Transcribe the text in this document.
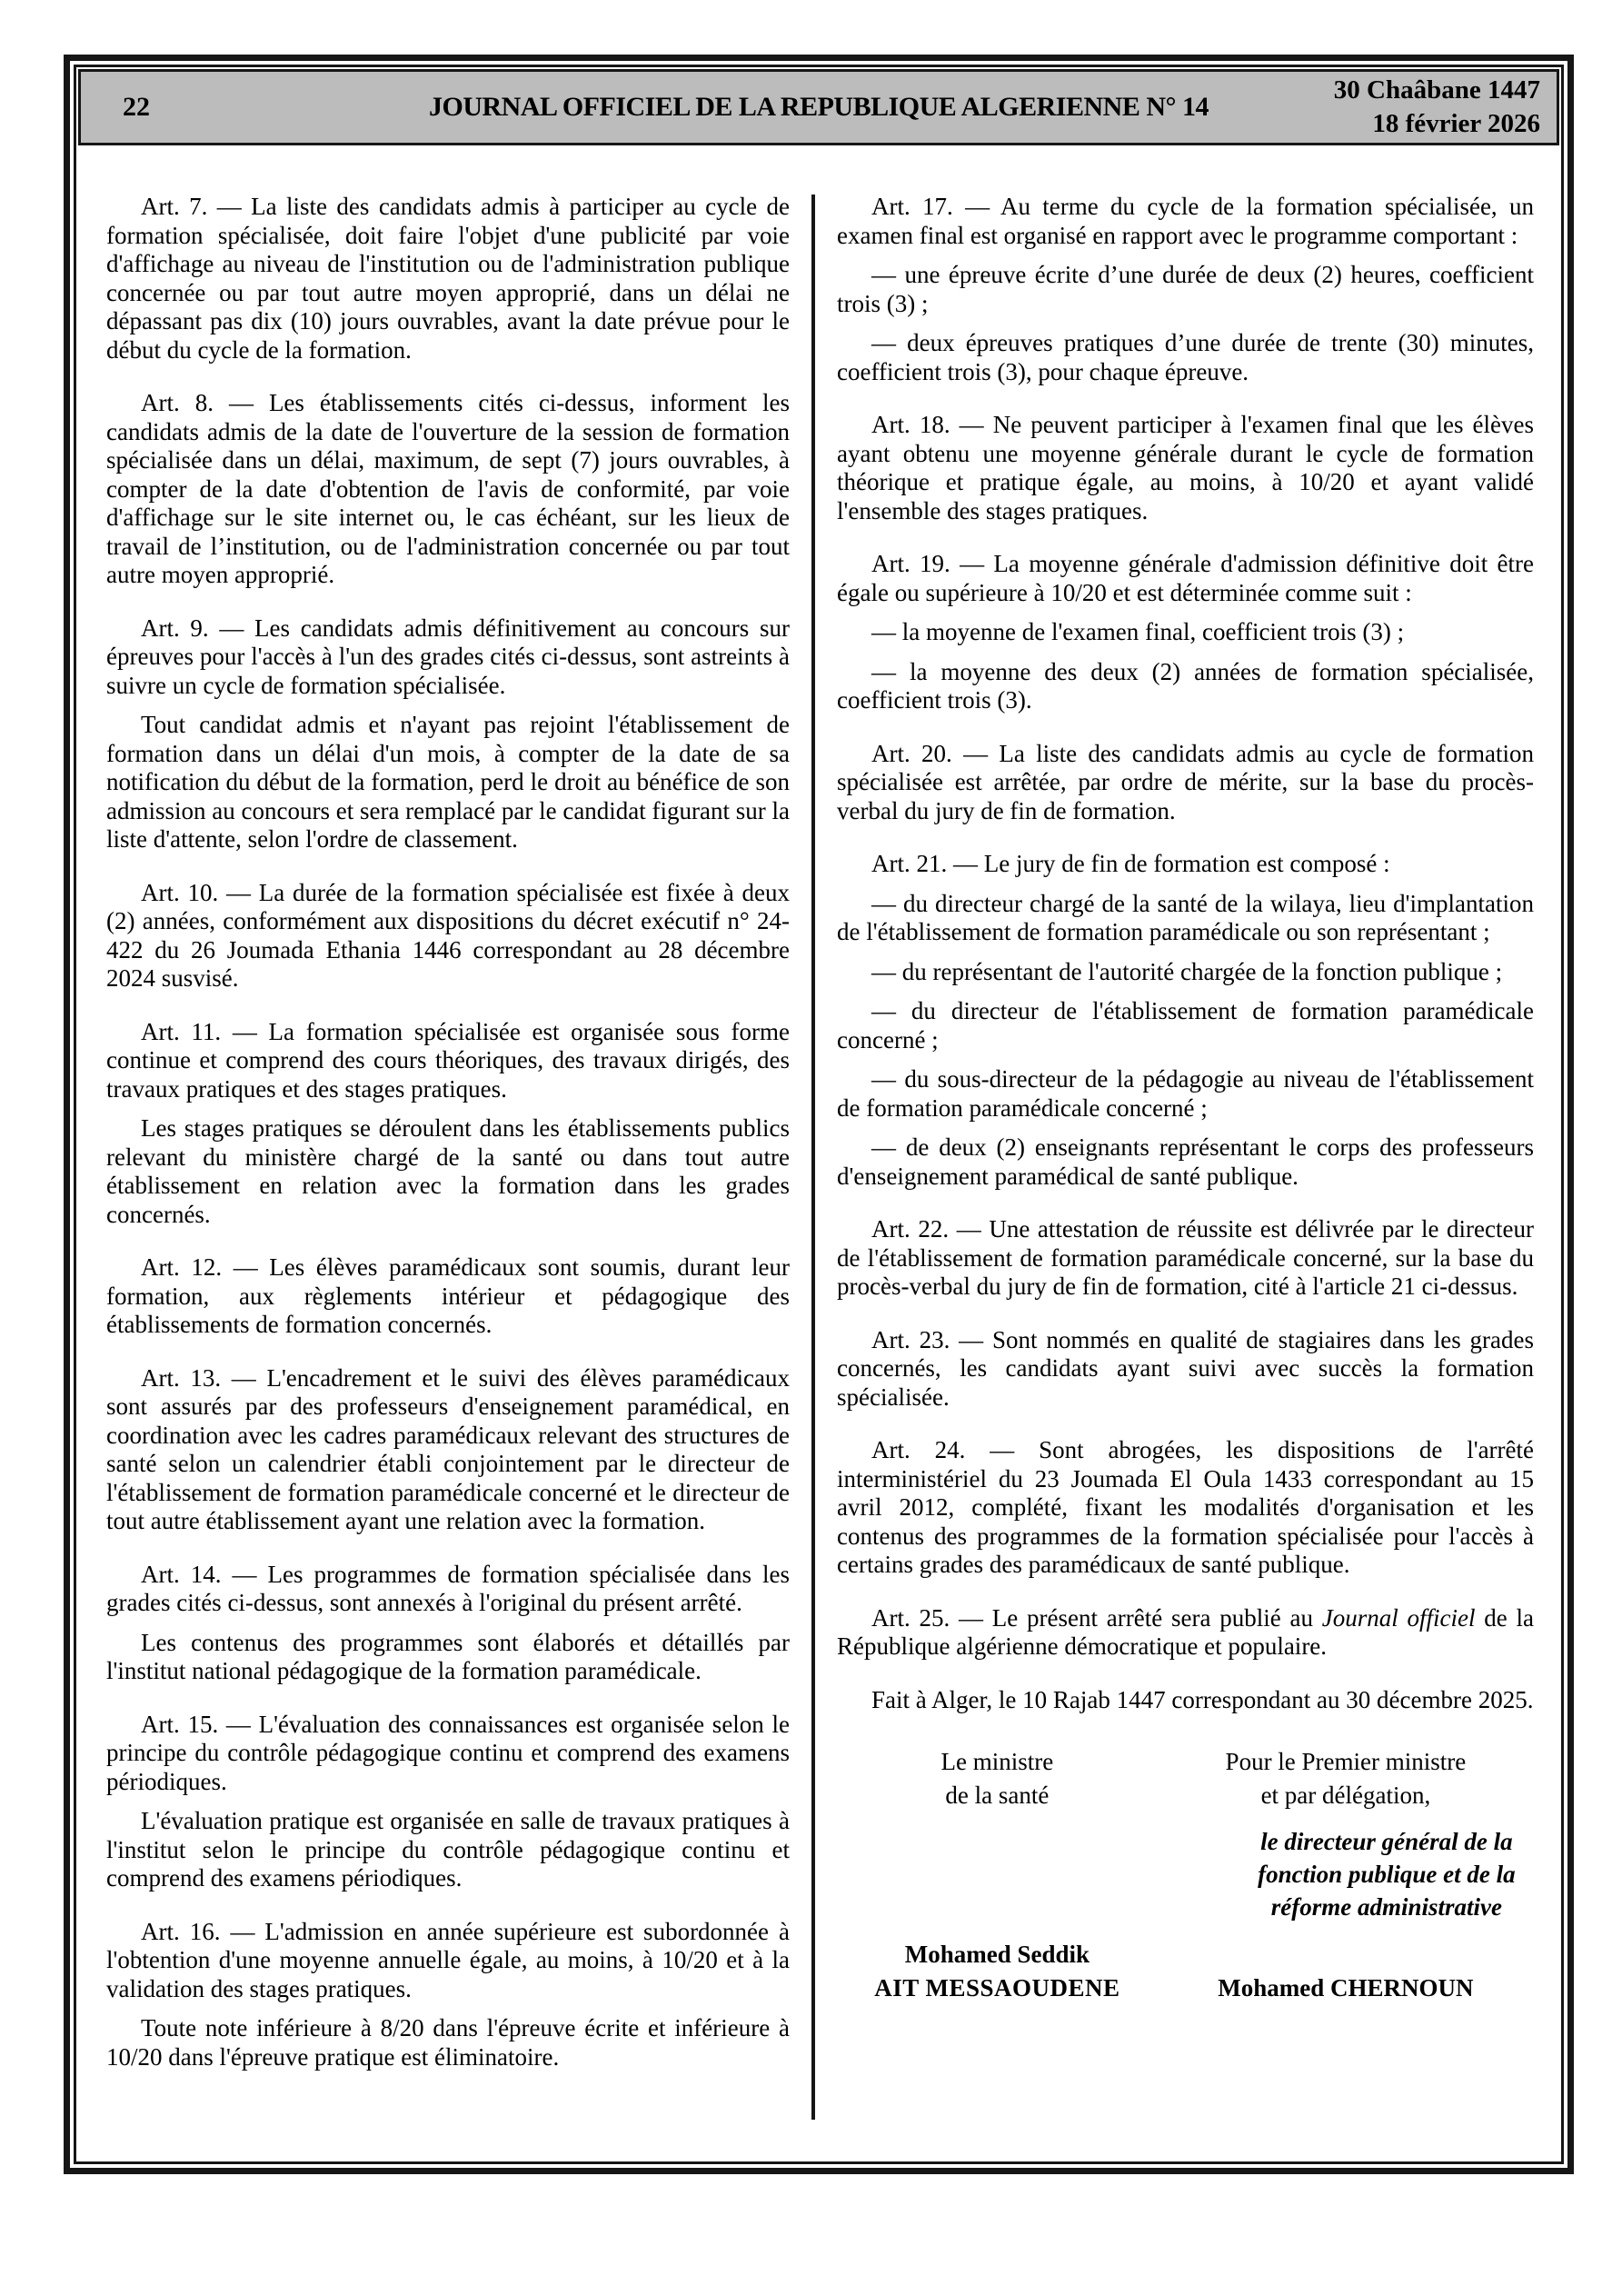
22	JOURNAL OFFICIEL DE LA REPUBLIQUE ALGERIENNE N° 14
30 Chaâbane 1447
18 février 2026

Art. 7. — La liste des candidats admis à participer au cycle de formation spécialisée, doit faire l'objet d'une publicité par voie d'affichage au niveau de l'institution ou de l'administration publique concernée ou par tout autre moyen approprié, dans un délai ne dépassant pas dix (10) jours ouvrables, avant la date prévue pour le début du cycle de la formation.

Art. 8. — Les établissements cités ci-dessus, informent les candidats admis de la date de l'ouverture de la session de formation spécialisée dans un délai, maximum, de sept (7) jours ouvrables, à compter de la date d'obtention de l'avis de conformité, par voie d'affichage sur le site internet ou, le cas échéant, sur les lieux de travail de l’institution, ou de l'administration concernée ou par tout autre moyen approprié.

Art. 9. — Les candidats admis définitivement au concours sur épreuves pour l'accès à l'un des grades cités ci-dessus, sont astreints à suivre un cycle de formation spécialisée.

Tout candidat admis et n'ayant pas rejoint l'établissement de formation dans un délai d'un mois, à compter de la date de sa notification du début de la formation, perd le droit au bénéfice de son admission au concours et sera remplacé par le candidat figurant sur la liste d'attente, selon l'ordre de classement.

Art. 10. — La durée de la formation spécialisée est fixée à deux (2) années, conformément aux dispositions du décret exécutif n° 24-422 du 26 Joumada Ethania 1446 correspondant au 28 décembre 2024 susvisé.

Art. 11. — La formation spécialisée est organisée sous forme continue et comprend des cours théoriques, des travaux dirigés, des travaux pratiques et des stages pratiques.

Les stages pratiques se déroulent dans les établissements publics relevant du ministère chargé de la santé ou dans tout autre établissement en relation avec la formation dans les grades concernés.

Art. 12. — Les élèves paramédicaux sont soumis, durant leur formation, aux règlements intérieur et pédagogique des établissements de formation concernés.

Art. 13. — L'encadrement et le suivi des élèves paramédicaux sont assurés par des professeurs d'enseignement paramédical, en coordination avec les cadres paramédicaux relevant des structures de santé selon un calendrier établi conjointement par le directeur de l'établissement de formation paramédicale concerné et le directeur de tout autre établissement ayant une relation avec la formation.

Art. 14. — Les programmes de formation spécialisée dans les grades cités ci-dessus, sont annexés à l'original du présent arrêté.

Les contenus des programmes sont élaborés et détaillés par l'institut national pédagogique de la formation paramédicale.

Art. 15. — L'évaluation des connaissances est organisée selon le principe du contrôle pédagogique continu et comprend des examens périodiques.

L'évaluation pratique est organisée en salle de travaux pratiques à l'institut selon le principe du contrôle pédagogique continu et comprend des examens périodiques.

Art. 16. — L'admission en année supérieure est subordonnée à l'obtention d'une moyenne annuelle égale, au moins, à 10/20 et à la validation des stages pratiques.

Toute note inférieure à 8/20 dans l'épreuve écrite et inférieure à 10/20 dans l'épreuve pratique est éliminatoire.

Art. 17. — Au terme du cycle de la formation spécialisée, un examen final est organisé en rapport avec le programme comportant :

— une épreuve écrite d’une durée de deux (2) heures, coefficient trois (3) ;

— deux épreuves pratiques d’une durée de trente (30) minutes, coefficient trois (3), pour chaque épreuve.

Art. 18. — Ne peuvent participer à l'examen final que les élèves ayant obtenu une moyenne générale durant le cycle de formation théorique et pratique égale, au moins, à 10/20 et ayant validé l'ensemble des stages pratiques.

Art. 19. — La moyenne générale d'admission définitive doit être égale ou supérieure à 10/20 et est déterminée comme suit :

— la moyenne de l'examen final, coefficient trois (3) ;

— la moyenne des deux (2) années de formation spécialisée, coefficient trois (3).

Art. 20. — La liste des candidats admis au cycle de formation spécialisée est arrêtée, par ordre de mérite, sur la base du procès-verbal du jury de fin de formation.

Art. 21. — Le jury de fin de formation est composé :

— du directeur chargé de la santé de la wilaya, lieu d'implantation de l'établissement de formation paramédicale ou son représentant ;

— du représentant de l'autorité chargée de la fonction publique ;

— du directeur de l'établissement de formation paramédicale concerné ;

— du sous-directeur de la pédagogie au niveau de l'établissement de formation paramédicale concerné ;

— de deux (2) enseignants représentant le corps des professeurs d'enseignement paramédical de santé publique.

Art. 22. — Une attestation de réussite est délivrée par le directeur de l'établissement de formation paramédicale concerné, sur la base du procès-verbal du jury de fin de formation, cité à l'article 21 ci-dessus.

Art. 23. — Sont nommés en qualité de stagiaires dans les grades concernés, les candidats ayant suivi avec succès la formation spécialisée.

Art. 24. — Sont abrogées, les dispositions de l'arrêté interministériel du 23 Joumada El Oula 1433 correspondant au 15 avril 2012, complété, fixant les modalités d'organisation et les contenus des programmes de la formation spécialisée pour l'accès à certains grades des paramédicaux de santé publique.

Art. 25. — Le présent arrêté sera publié au Journal officiel de la République algérienne démocratique et populaire.

Fait à Alger, le 10 Rajab 1447 correspondant au 30 décembre 2025.

Le ministre	Pour le Premier ministre
de la santé	et par délégation,
le directeur général de la fonction publique et de la réforme administrative
Mohamed Seddik
AIT MESSAOUDENE	Mohamed CHERNOUN
